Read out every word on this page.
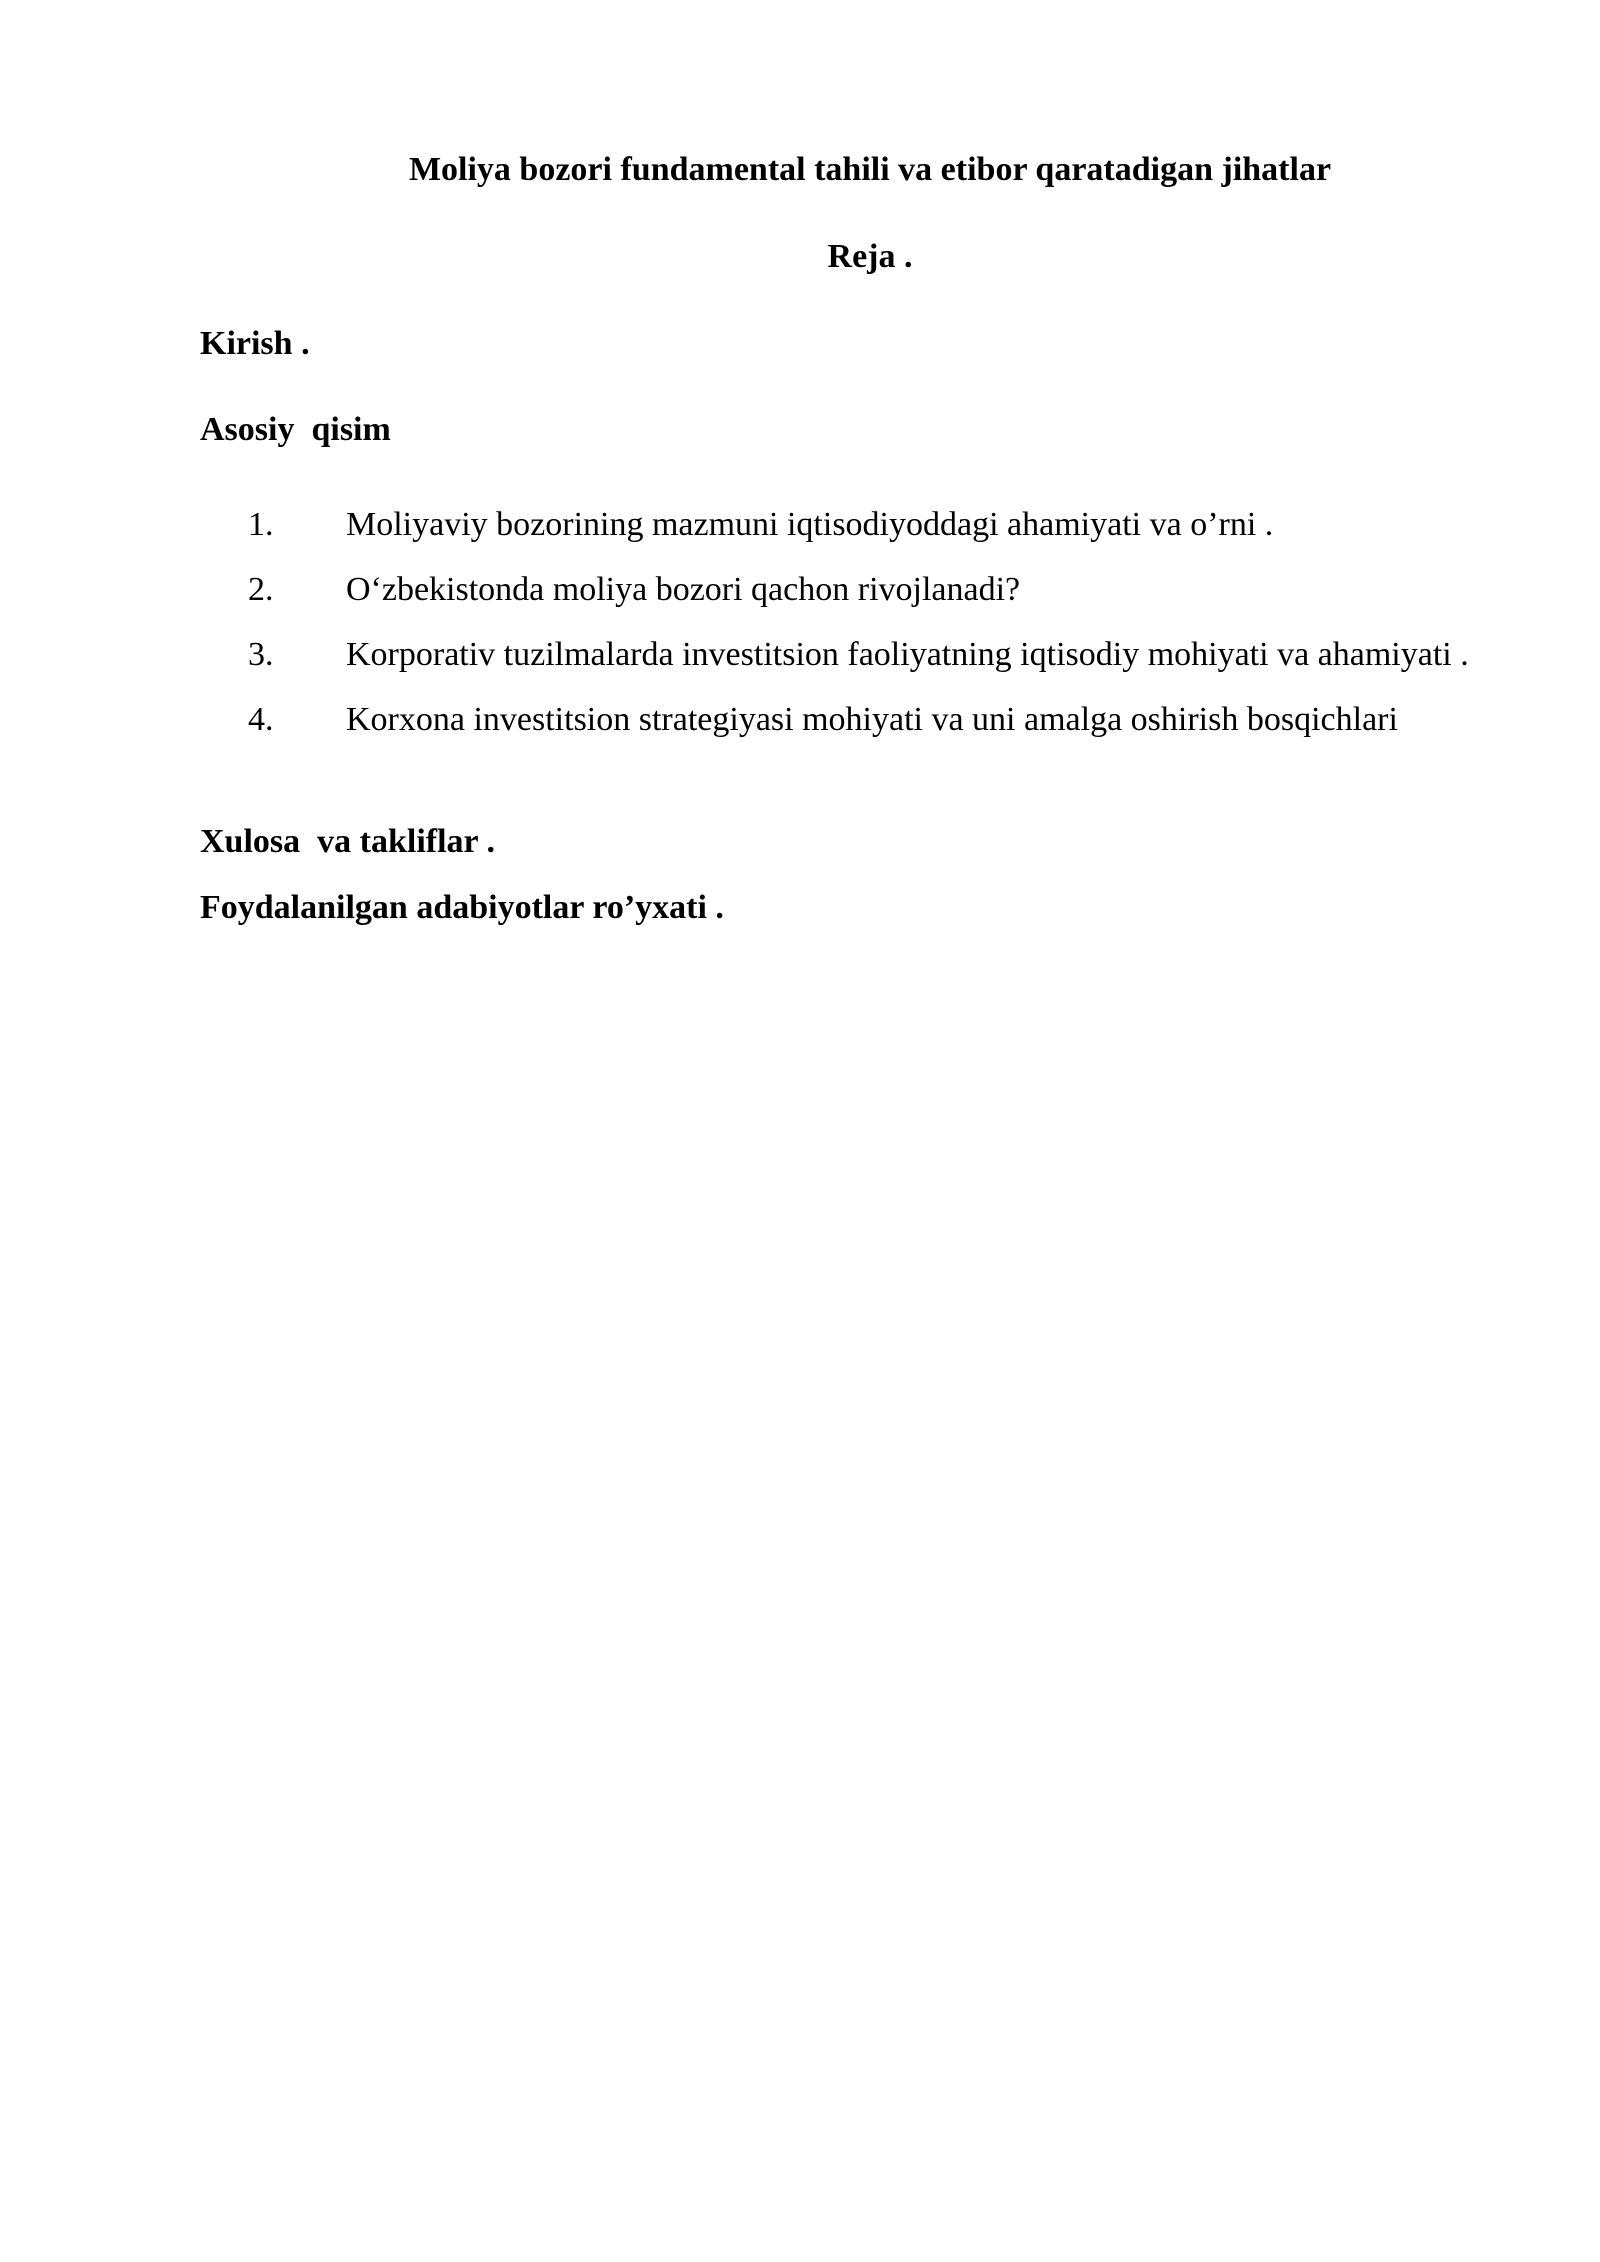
Moliya bozori fundamental tahili va etibor qaratadigan jihatlar
Reja .
Kirish .
Asosiy  qisim
1. Moliyaviy bozorining mazmuni iqtisodiyoddagi ahamiyati va o’rni .
2. O‘zbekistonda moliya bozori qachon rivojlanadi?
3. Korporativ tuzilmalarda investitsion faoliyatning iqtisodiy mohiyati va ahamiyati .
4. Korxona investitsion strategiyasi mohiyati va uni amalga oshirish bosqichlari
Xulosa  va takliflar .
Foydalanilgan adabiyotlar ro’yxati .
